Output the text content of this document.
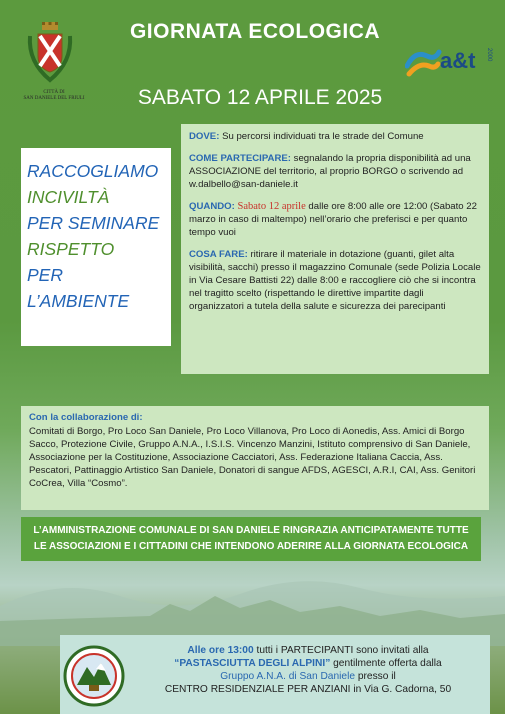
CITTÀ DI
SAN DANIELE DEL FRIULI
GIORNATA ECOLOGICA
SABATO 12 APRILE 2025
a&t 2000
RACCOGLIAMO
INCIVILTÀ
PER SEMINARE
RISPETTO
PER L’AMBIENTE

DOVE: Su percorsi individuati tra le strade del Comune

COME PARTECIPARE: segnalando la propria disponibilità ad una ASSOCIAZIONE del territorio, al proprio BORGO o scrivendo ad w.dalbello@san-daniele.it

QUANDO: Sabato 12 aprile dalle ore 8:00 alle ore 12:00 (Sabato 22 marzo in caso di maltempo) nell’orario che preferisci e per quanto tempo vuoi

COSA FARE: ritirare il materiale in dotazione (guanti, gilet alta visibilità, sacchi) presso il magazzino Comunale (sede Polizia Locale in Via Cesare Battisti 22) dalle 8:00 e raccogliere ciò che si incontra nel tragitto scelto (rispettando le direttive impartite dagli organizzatori a tutela della salute e sicurezza dei parecipanti

Con la collaborazione di:
Comitati di Borgo, Pro Loco San Daniele, Pro Loco Villanova, Pro Loco di Aonedis, Ass. Amici di Borgo Sacco, Protezione Civile, Gruppo A.N.A., I.S.I.S. Vincenzo Manzini, Istituto comprensivo di San Daniele, Associazione per la Costituzione, Associazione Cacciatori, Ass. Federazione Italiana Caccia, Ass. Pescatori, Pattinaggio Artistico San Daniele, Donatori di sangue AFDS, AGESCI, A.R.I, CAI, Ass. Genitori CoCrea, Villa “Cosmo”.
L’AMMINISTRAZIONE COMUNALE DI SAN DANIELE RINGRAZIA ANTICIPATAMENTE TUTTE LE ASSOCIAZIONI E I CITTADINI CHE INTENDONO ADERIRE ALLA GIORNATA ECOLOGICA
Alle ore 13:00 tutti i PARTECIPANTI sono invitati alla
“PASTASCIUTTA DEGLI ALPINI” gentilmente offerta dalla
Gruppo A.N.A. di San Daniele presso il
CENTRO RESIDENZIALE PER ANZIANI in Via G. Cadorna, 50
